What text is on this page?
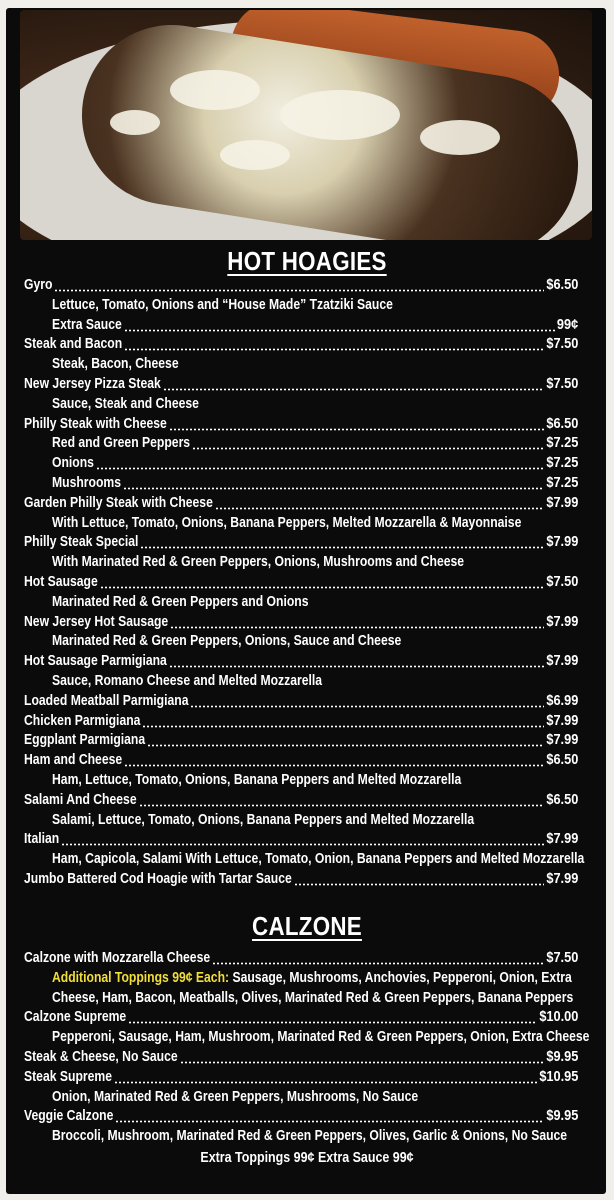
HOT HOAGIES
Gyro	$6.50
Lettuce, Tomato, Onions and “House Made” Tzatziki Sauce
Extra Sauce	99¢
Steak and Bacon	$7.50
Steak, Bacon, Cheese
New Jersey Pizza Steak	$7.50
Sauce, Steak and Cheese
Philly Steak with Cheese	$6.50
Red and Green Peppers	$7.25
Onions	$7.25
Mushrooms	$7.25
Garden Philly Steak with Cheese	$7.99
With Lettuce, Tomato, Onions, Banana Peppers, Melted Mozzarella & Mayonnaise
Philly Steak Special	$7.99
With Marinated Red & Green Peppers, Onions, Mushrooms and Cheese
Hot Sausage	$7.50
Marinated Red & Green Peppers and Onions
New Jersey Hot Sausage	$7.99
Marinated Red & Green Peppers, Onions, Sauce and Cheese
Hot Sausage Parmigiana	$7.99
Sauce, Romano Cheese and Melted Mozzarella
Loaded Meatball Parmigiana	$6.99
Chicken Parmigiana	$7.99
Eggplant Parmigiana	$7.99
Ham and Cheese	$6.50
Ham, Lettuce, Tomato, Onions, Banana Peppers and Melted Mozzarella
Salami And Cheese	$6.50
Salami, Lettuce, Tomato, Onions, Banana Peppers and Melted Mozzarella
Italian	$7.99
Ham, Capicola, Salami With Lettuce, Tomato, Onion, Banana Peppers and Melted Mozzarella
Jumbo Battered Cod Hoagie with Tartar Sauce	$7.99
CALZONE
Calzone with Mozzarella Cheese	$7.50
Additional Toppings 99¢ Each: Sausage, Mushrooms, Anchovies, Pepperoni, Onion, Extra
Cheese, Ham, Bacon, Meatballs, Olives, Marinated Red & Green Peppers, Banana Peppers
Calzone Supreme	$10.00
Pepperoni, Sausage, Ham, Mushroom, Marinated Red & Green Peppers, Onion, Extra Cheese
Steak & Cheese, No Sauce	$9.95
Steak Supreme	$10.95
Onion, Marinated Red & Green Peppers, Mushrooms, No Sauce
Veggie Calzone	$9.95
Broccoli, Mushroom, Marinated Red & Green Peppers, Olives, Garlic & Onions, No Sauce
Extra Toppings 99¢ Extra Sauce 99¢
